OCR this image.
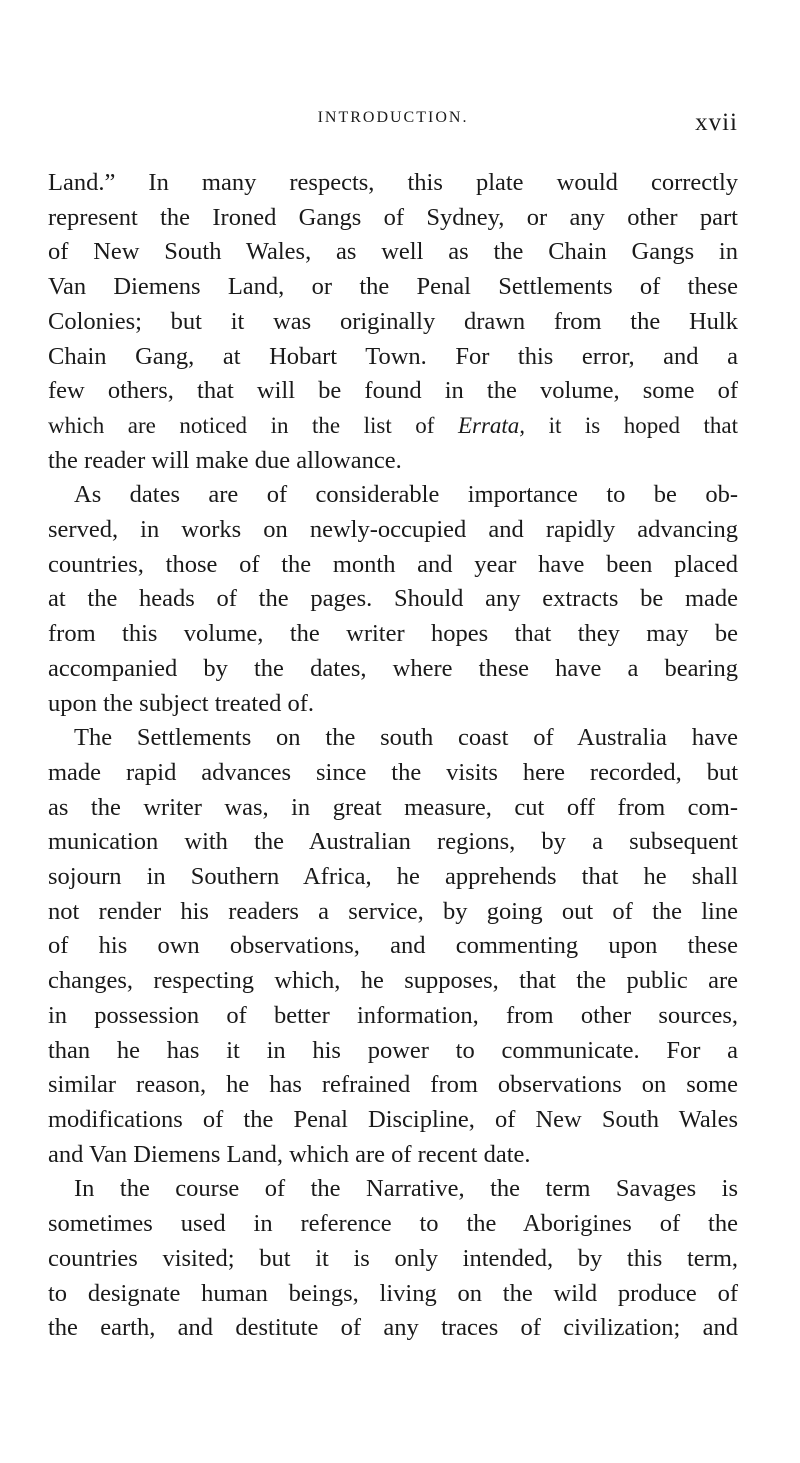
INTRODUCTION.	xvii

Land.” In many respects, this plate would correctly
represent the Ironed Gangs of Sydney, or any other part
of New South Wales, as well as the Chain Gangs in
Van Diemens Land, or the Penal Settlements of these
Colonies; but it was originally drawn from the Hulk
Chain Gang, at Hobart Town. For this error, and a
few others, that will be found in the volume, some of
which are noticed in the list of Errata, it is hoped that
the reader will make due allowance.

As dates are of considerable importance to be ob-
served, in works on newly-occupied and rapidly advancing
countries, those of the month and year have been placed
at the heads of the pages. Should any extracts be made
from this volume, the writer hopes that they may be
accompanied by the dates, where these have a bearing
upon the subject treated of.

The Settlements on the south coast of Australia have
made rapid advances since the visits here recorded, but
as the writer was, in great measure, cut off from com-
munication with the Australian regions, by a subsequent
sojourn in Southern Africa, he apprehends that he shall
not render his readers a service, by going out of the line
of his own observations, and commenting upon these
changes, respecting which, he supposes, that the public are
in possession of better information, from other sources,
than he has it in his power to communicate. For a
similar reason, he has refrained from observations on some
modifications of the Penal Discipline, of New South Wales
and Van Diemens Land, which are of recent date.

In the course of the Narrative, the term Savages is
sometimes used in reference to the Aborigines of the
countries visited; but it is only intended, by this term,
to designate human beings, living on the wild produce of
the earth, and destitute of any traces of civilization; and
